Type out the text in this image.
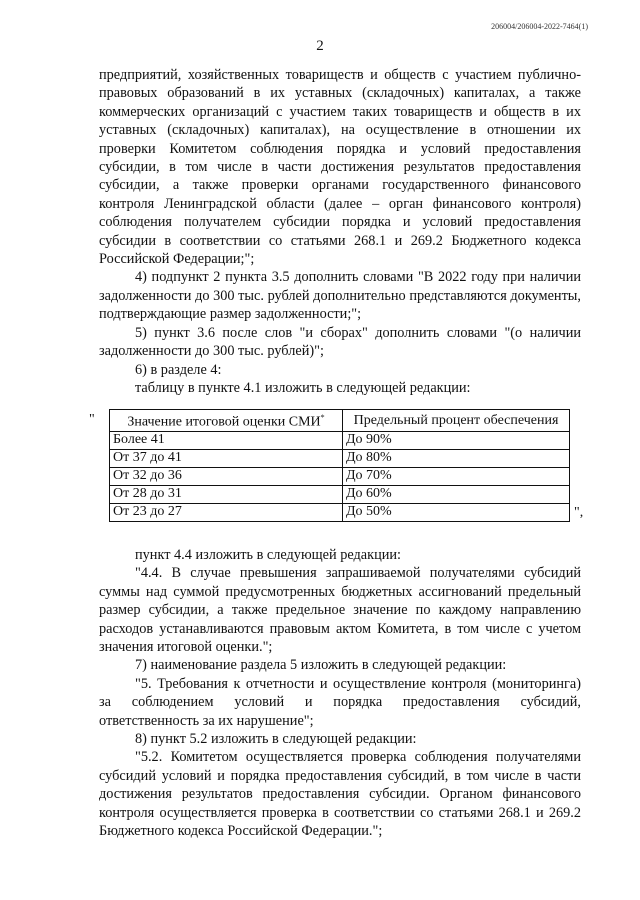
206004/206004-2022-7464(1)
2

предприятий, хозяйственных товариществ и обществ с участием публично-правовых образований в их уставных (складочных) капиталах, а также коммерческих организаций с участием таких товариществ и обществ в их уставных (складочных) капиталах), на осуществление в отношении их проверки Комитетом соблюдения порядка и условий предоставления субсидии, в том числе в части достижения результатов предоставления субсидии, а также проверки органами государственного финансового контроля Ленинградской области (далее – орган финансового контроля) соблюдения получателем субсидии порядка и условий предоставления субсидии в соответствии со статьями 268.1 и 269.2 Бюджетного кодекса Российской Федерации;";

4) подпункт 2 пункта 3.5 дополнить словами "В 2022 году при наличии задолженности до 300 тыс. рублей дополнительно представляются документы, подтверждающие размер задолженности;";

5) пункт 3.6 после слов "и сборах" дополнить словами "(о наличии задолженности до 300 тыс. рублей)";

6) в разделе 4:

таблицу в пункте 4.1 изложить в следующей редакции:

" Значение итоговой оценки СМИ*	Предельный процент обеспечения
Более 41	До 90%
От 37 до 41	До 80%
От 32 до 36	До 70%
От 28 до 31	До 60%
От 23 до 27	До 50%	",

пункт 4.4 изложить в следующей редакции:

"4.4. В случае превышения запрашиваемой получателями субсидий суммы над суммой предусмотренных бюджетных ассигнований предельный размер субсидии, а также предельное значение по каждому направлению расходов устанавливаются правовым актом Комитета, в том числе с учетом значения итоговой оценки.";

7) наименование раздела 5 изложить в следующей редакции:

"5. Требования к отчетности и осуществление контроля (мониторинга) за соблюдением условий и порядка предоставления субсидий, ответственность за их нарушение";

8) пункт 5.2 изложить в следующей редакции:

"5.2. Комитетом осуществляется проверка соблюдения получателями субсидий условий и порядка предоставления субсидий, в том числе в части достижения результатов предоставления субсидии. Органом финансового контроля осуществляется проверка в соответствии со статьями 268.1 и 269.2 Бюджетного кодекса Российской Федерации.";
